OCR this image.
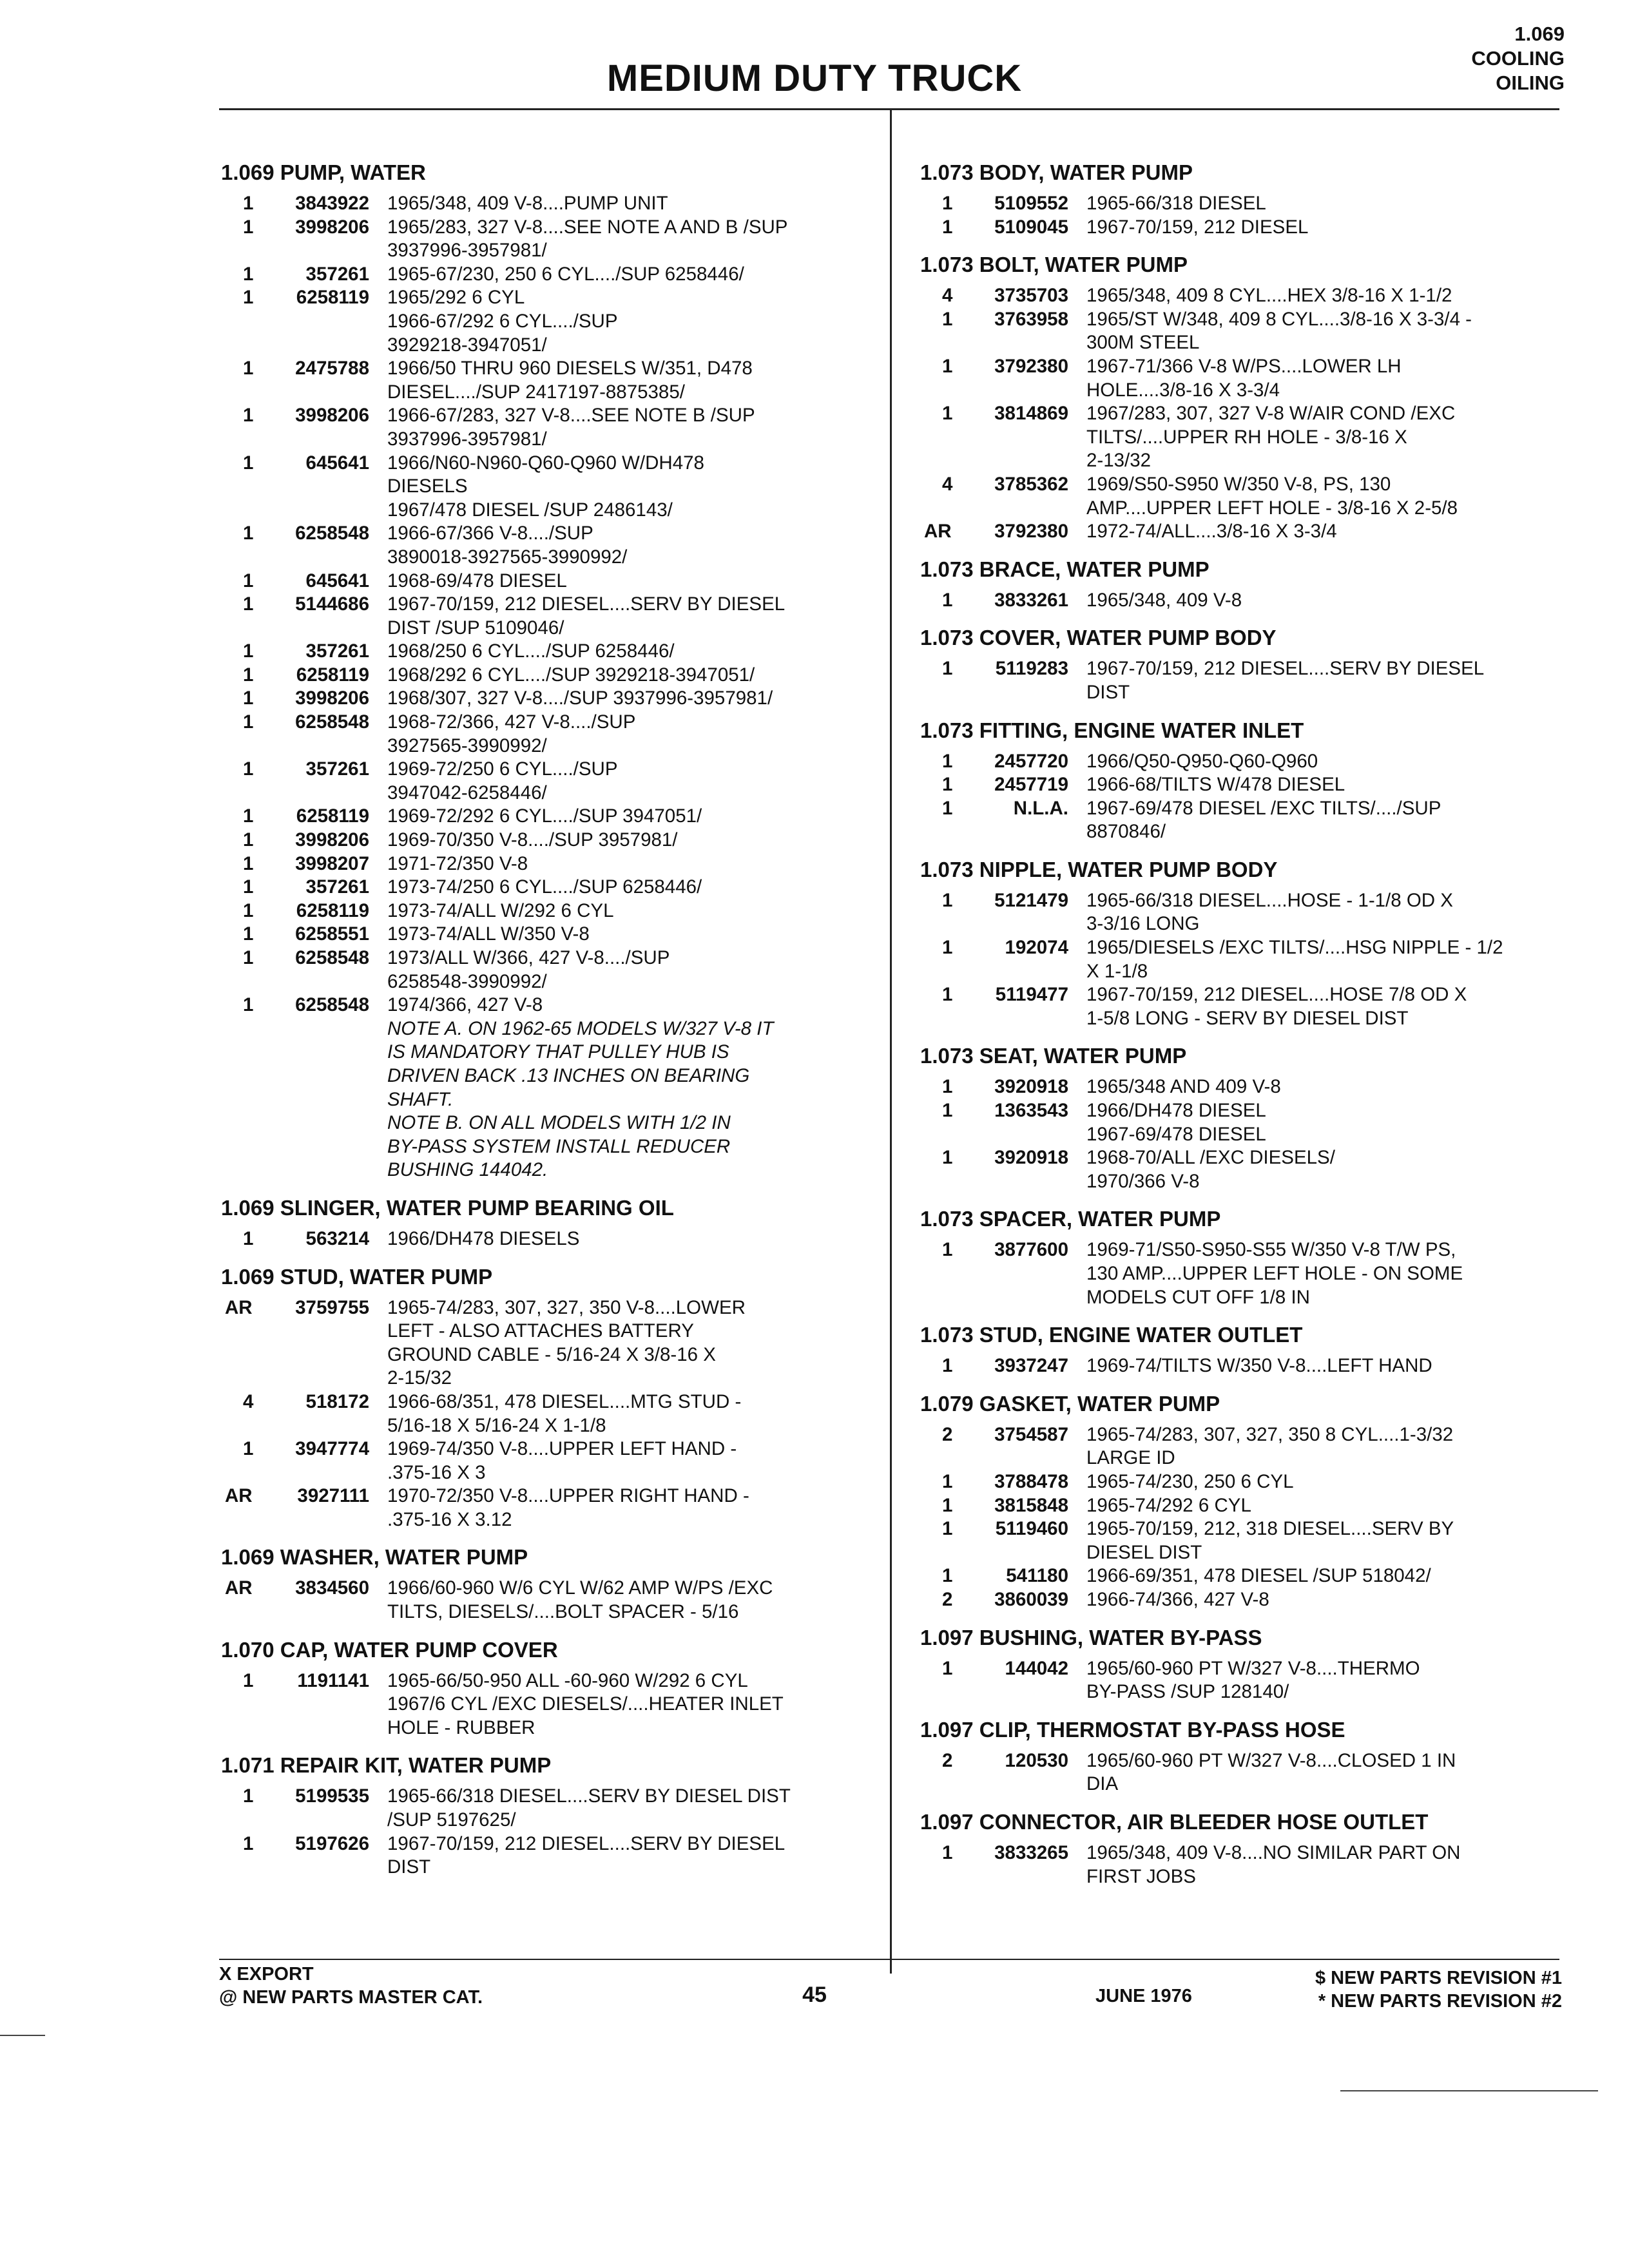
MEDIUM DUTY TRUCK
1.069
COOLING
OILING
1.069 PUMP, WATER
1	3843922 1965/348, 409 V-8....PUMP UNIT
1	3998206 1965/283, 327 V-8....SEE NOTE A AND B /SUP
3937996-3957981/
1	357261 1965-67/230, 250 6 CYL..../SUP 6258446/
1	6258119 1965/292 6 CYL
1966-67/292 6 CYL..../SUP
3929218-3947051/
1	2475788 1966/50 THRU 960 DIESELS W/351, D478
DIESEL..../SUP 2417197-8875385/
1	3998206 1966-67/283, 327 V-8....SEE NOTE B /SUP
3937996-3957981/
1	645641 1966/N60-N960-Q60-Q960 W/DH478
DIESELS
1967/478 DIESEL /SUP 2486143/
1	6258548 1966-67/366 V-8..../SUP
3890018-3927565-3990992/
1	645641 1968-69/478 DIESEL
1	5144686 1967-70/159, 212 DIESEL....SERV BY DIESEL
DIST /SUP 5109046/
1	357261 1968/250 6 CYL..../SUP 6258446/
1	6258119 1968/292 6 CYL..../SUP 3929218-3947051/
1	3998206 1968/307, 327 V-8..../SUP 3937996-3957981/
1	6258548 1968-72/366, 427 V-8..../SUP
3927565-3990992/
1	357261 1969-72/250 6 CYL..../SUP
3947042-6258446/
1	6258119 1969-72/292 6 CYL..../SUP 3947051/
1	3998206 1969-70/350 V-8..../SUP 3957981/
1	3998207 1971-72/350 V-8
1	357261 1973-74/250 6 CYL..../SUP 6258446/
1	6258119 1973-74/ALL W/292 6 CYL
1	6258551 1973-74/ALL W/350 V-8
1	6258548 1973/ALL W/366, 427 V-8..../SUP
6258548-3990992/
1	6258548 1974/366, 427 V-8
NOTE A. ON 1962-65 MODELS W/327 V-8 IT
IS MANDATORY THAT PULLEY HUB IS
DRIVEN BACK .13 INCHES ON BEARING
SHAFT.
NOTE B. ON ALL MODELS WITH 1/2 IN
BY-PASS SYSTEM INSTALL REDUCER
BUSHING 144042.
1.069 SLINGER, WATER PUMP BEARING OIL
1	563214 1966/DH478 DIESELS
1.069 STUD, WATER PUMP
AR	3759755 1965-74/283, 307, 327, 350 V-8....LOWER
LEFT - ALSO ATTACHES BATTERY
GROUND CABLE - 5/16-24 X 3/8-16 X
2-15/32
4	518172 1966-68/351, 478 DIESEL....MTG STUD -
5/16-18 X 5/16-24 X 1-1/8
1	3947774 1969-74/350 V-8....UPPER LEFT HAND -
.375-16 X 3
AR	3927111 1970-72/350 V-8....UPPER RIGHT HAND -
.375-16 X 3.12
1.069 WASHER, WATER PUMP
AR	3834560 1966/60-960 W/6 CYL W/62 AMP W/PS /EXC
TILTS, DIESELS/....BOLT SPACER - 5/16
1.070 CAP, WATER PUMP COVER
1	1191141 1965-66/50-950 ALL -60-960 W/292 6 CYL
1967/6 CYL /EXC DIESELS/....HEATER INLET
HOLE - RUBBER
1.071 REPAIR KIT, WATER PUMP
1	5199535 1965-66/318 DIESEL....SERV BY DIESEL DIST
/SUP 5197625/
1	5197626 1967-70/159, 212 DIESEL....SERV BY DIESEL
DIST
1.073 BODY, WATER PUMP
1	5109552 1965-66/318 DIESEL
1	5109045 1967-70/159, 212 DIESEL
1.073 BOLT, WATER PUMP
4	3735703 1965/348, 409 8 CYL....HEX 3/8-16 X 1-1/2
1	3763958 1965/ST W/348, 409 8 CYL....3/8-16 X 3-3/4 -
300M STEEL
1	3792380 1967-71/366 V-8 W/PS....LOWER LH
HOLE....3/8-16 X 3-3/4
1	3814869 1967/283, 307, 327 V-8 W/AIR COND /EXC
TILTS/....UPPER RH HOLE - 3/8-16 X
2-13/32
4	3785362 1969/S50-S950 W/350 V-8, PS, 130
AMP....UPPER LEFT HOLE - 3/8-16 X 2-5/8
AR	3792380 1972-74/ALL....3/8-16 X 3-3/4
1.073 BRACE, WATER PUMP
1	3833261 1965/348, 409 V-8
1.073 COVER, WATER PUMP BODY
1	5119283 1967-70/159, 212 DIESEL....SERV BY DIESEL
DIST
1.073 FITTING, ENGINE WATER INLET
1	2457720 1966/Q50-Q950-Q60-Q960
1	2457719 1966-68/TILTS W/478 DIESEL
1	N.L.A. 1967-69/478 DIESEL /EXC TILTS/..../SUP
8870846/
1.073 NIPPLE, WATER PUMP BODY
1	5121479 1965-66/318 DIESEL....HOSE - 1-1/8 OD X
3-3/16 LONG
1	192074 1965/DIESELS /EXC TILTS/....HSG NIPPLE - 1/2
X 1-1/8
1	5119477 1967-70/159, 212 DIESEL....HOSE 7/8 OD X
1-5/8 LONG - SERV BY DIESEL DIST
1.073 SEAT, WATER PUMP
1	3920918 1965/348 AND 409 V-8
1	1363543 1966/DH478 DIESEL
1967-69/478 DIESEL
1	3920918 1968-70/ALL /EXC DIESELS/
1970/366 V-8
1.073 SPACER, WATER PUMP
1	3877600 1969-71/S50-S950-S55 W/350 V-8 T/W PS,
130 AMP....UPPER LEFT HOLE - ON SOME
MODELS CUT OFF 1/8 IN
1.073 STUD, ENGINE WATER OUTLET
1	3937247 1969-74/TILTS W/350 V-8....LEFT HAND
1.079 GASKET, WATER PUMP
2	3754587 1965-74/283, 307, 327, 350 8 CYL....1-3/32
LARGE ID
1	3788478 1965-74/230, 250 6 CYL
1	3815848 1965-74/292 6 CYL
1	5119460 1965-70/159, 212, 318 DIESEL....SERV BY
DIESEL DIST
1	541180 1966-69/351, 478 DIESEL /SUP 518042/
2	3860039 1966-74/366, 427 V-8
1.097 BUSHING, WATER BY-PASS
1	144042 1965/60-960 PT W/327 V-8....THERMO
BY-PASS /SUP 128140/
1.097 CLIP, THERMOSTAT BY-PASS HOSE
2	120530 1965/60-960 PT W/327 V-8....CLOSED 1 IN
DIA
1.097 CONNECTOR, AIR BLEEDER HOSE OUTLET
1	3833265 1965/348, 409 V-8....NO SIMILAR PART ON
FIRST JOBS
X EXPORT
@ NEW PARTS MASTER CAT.	45	JUNE 1976
$ NEW PARTS REVISION #1
* NEW PARTS REVISION #2
